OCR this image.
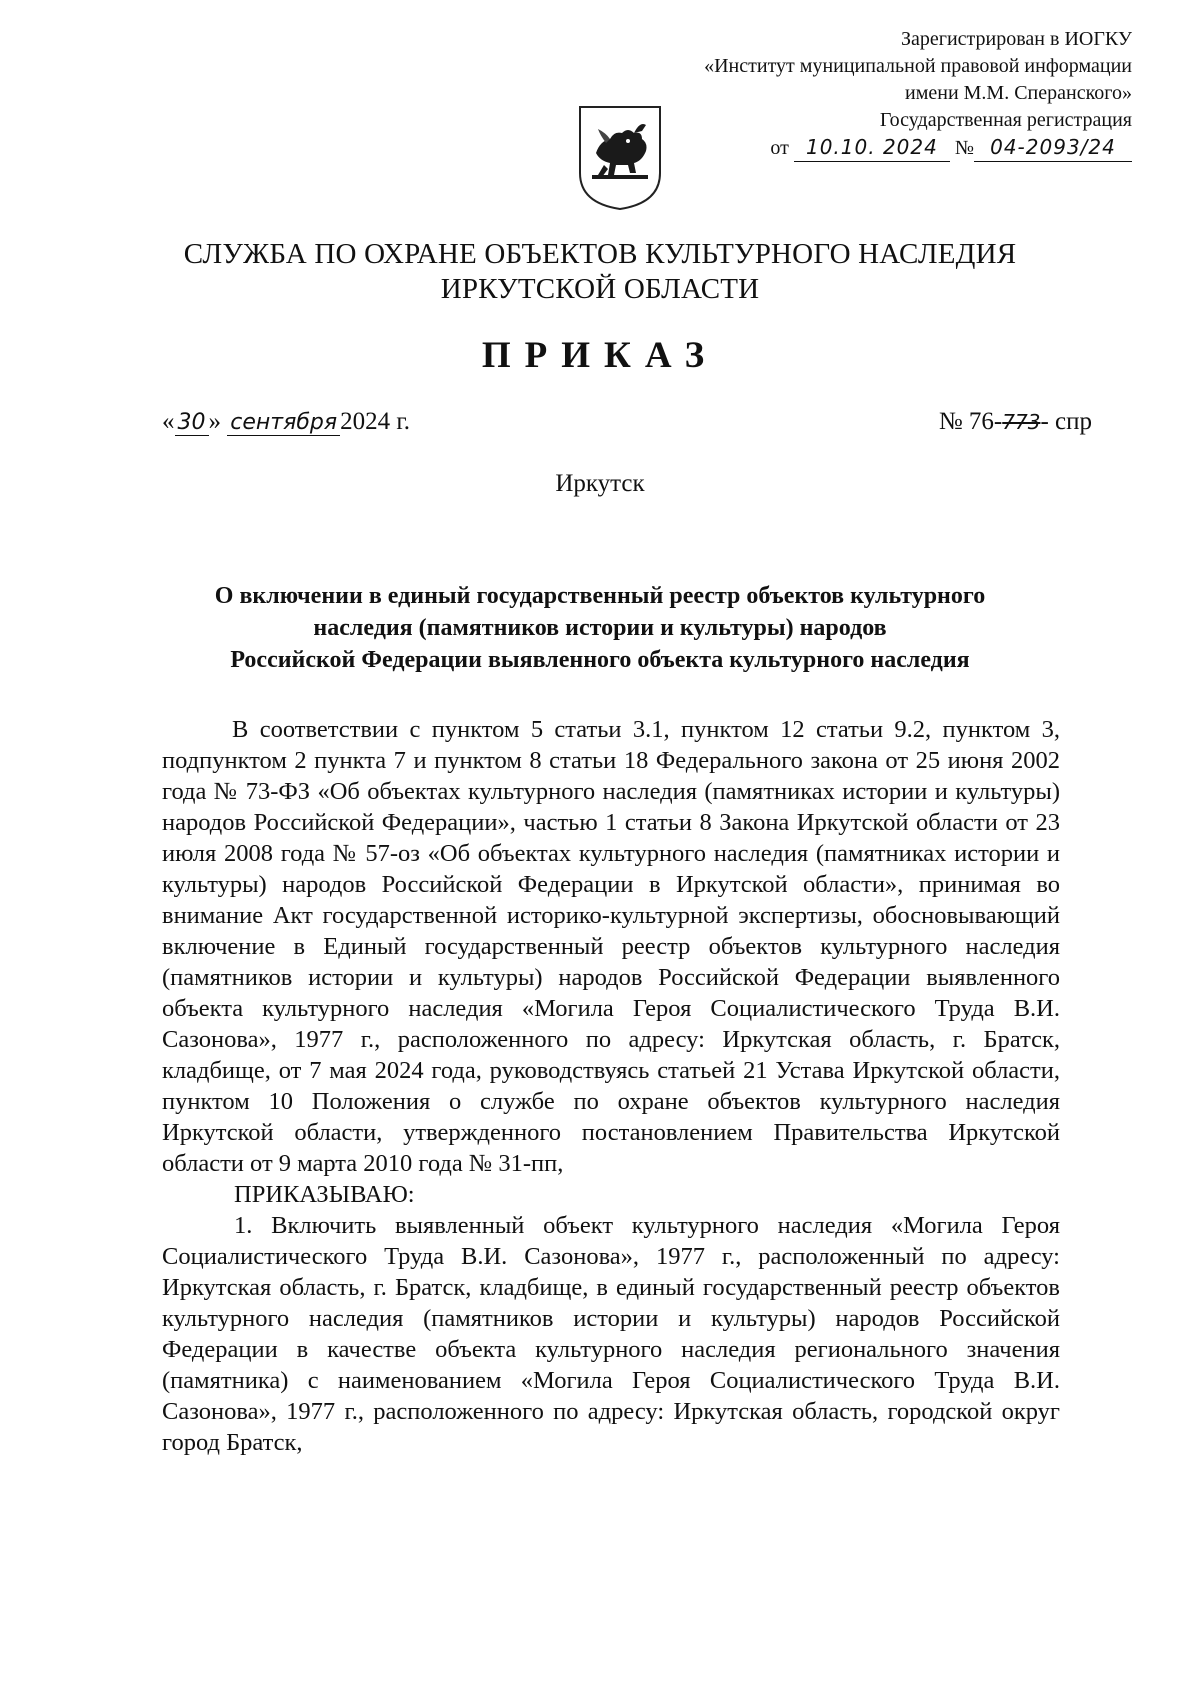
Зарегистрирован в ИОГКУ
«Институт муниципальной правовой информации
имени М.М. Сперанского»
Государственная регистрация
от 10.10. 2024 № 04-2093/24
СЛУЖБА ПО ОХРАНЕ ОБЪЕКТОВ КУЛЬТУРНОГО НАСЛЕДИЯ
ИРКУТСКОЙ ОБЛАСТИ
ПРИКАЗ
« 30 » сентября 2024 г.	№ 76-773- спр
Иркутск
О включении в единый государственный реестр объектов культурного
наследия (памятников истории и культуры) народов
Российской Федерации выявленного объекта культурного наследия

В соответствии с пунктом 5 статьи 3.1, пунктом 12 статьи 9.2, пунктом 3, подпунктом 2 пункта 7 и пунктом 8 статьи 18 Федерального закона от 25 июня 2002 года № 73-ФЗ «Об объектах культурного наследия (памятниках истории и культуры) народов Российской Федерации», частью 1 статьи 8 Закона Иркутской области от 23 июля 2008 года № 57-оз «Об объектах культурного наследия (памятниках истории и культуры) народов Российской Федерации в Иркутской области», принимая во внимание Акт государственной историко-культурной экспертизы, обосновывающий включение в Единый государственный реестр объектов культурного наследия (памятников истории и культуры) народов Российской Федерации выявленного объекта культурного наследия «Могила Героя Социалистического Труда В.И. Сазонова», 1977 г., расположенного по адресу: Иркутская область, г. Братск, кладбище, от 7 мая 2024 года, руководствуясь статьей 21 Устава Иркутской области, пунктом 10 Положения о службе по охране объектов культурного наследия Иркутской области, утвержденного постановлением Правительства Иркутской области от 9 марта 2010 года № 31-пп,

ПРИКАЗЫВАЮ:

1. Включить выявленный объект культурного наследия «Могила Героя Социалистического Труда В.И. Сазонова», 1977 г., расположенный по адресу: Иркутская область, г. Братск, кладбище, в единый государственный реестр объектов культурного наследия (памятников истории и культуры) народов Российской Федерации в качестве объекта культурного наследия регионального значения (памятника) с наименованием «Могила Героя Социалистического Труда В.И. Сазонова», 1977 г., расположенного по адресу: Иркутская область, городской округ город Братск,
